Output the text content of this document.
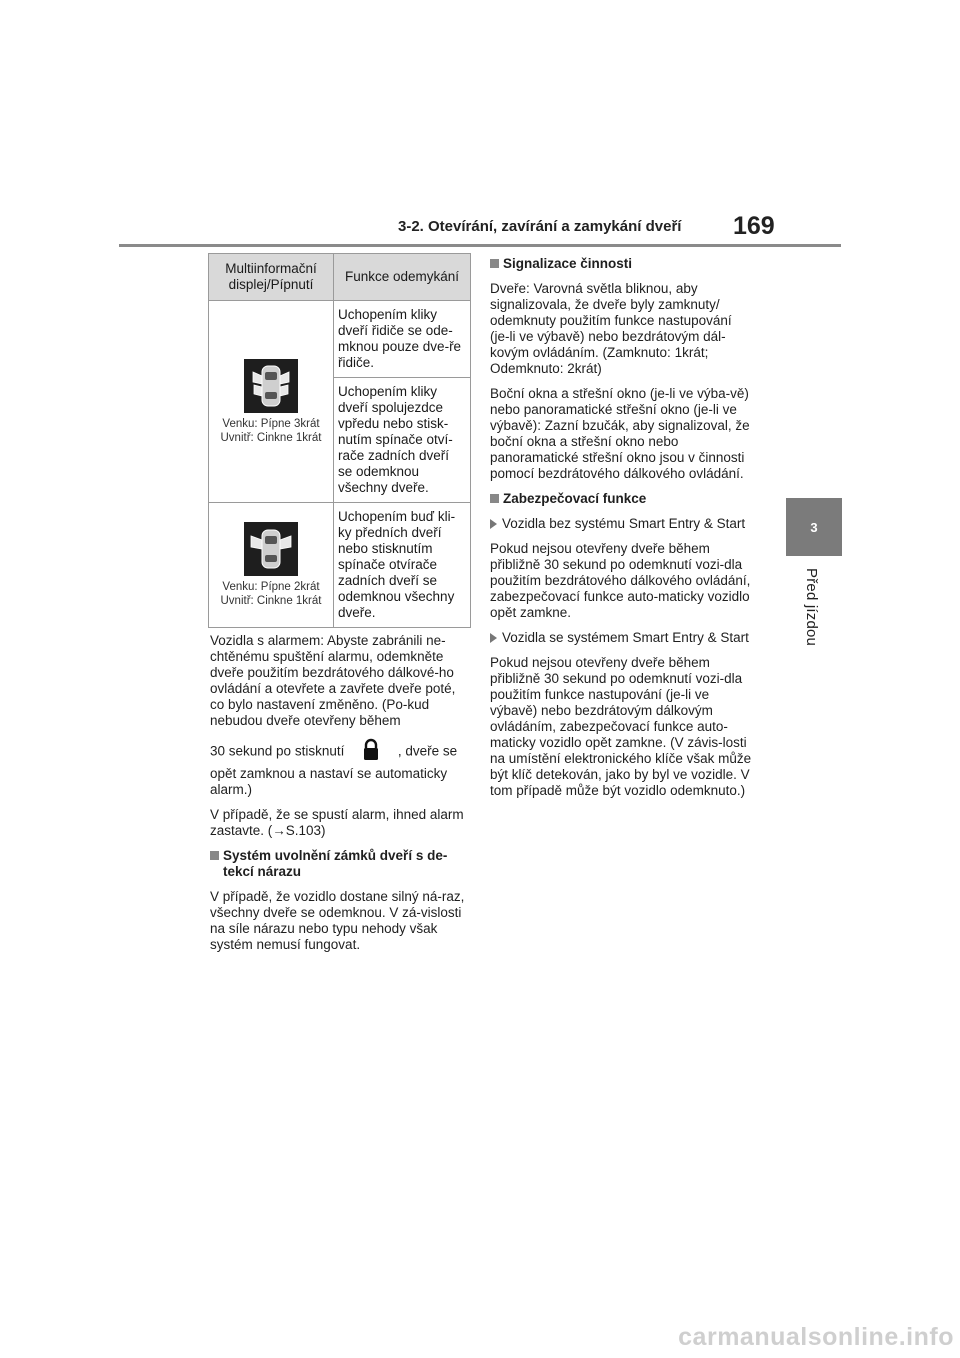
3-2. Otevírání, zavírání a zamykání dveří 169
3
Před jízdou
Multiinformační displej/Pípnutí	Funkce odemykání

Venku: Pípne 3krát
Uvnitř: Cinkne 1krát	Uchopením kliky dveří řidiče se ode-mknou pouze dve-ře řidiče.
	Uchopením kliky dveří spolujezdce vpředu nebo stisk-nutím spínače otví-rače zadních dveří se odemknou všechny dveře.

Venku: Pípne 2krát
Uvnitř: Cinkne 1krát	Uchopením buď kli-ky předních dveří nebo stisknutím spínače otvírače zadních dveří se odemknou všechny dveře.

Vozidla s alarmem: Abyste zabránili ne-chtěnému spuštění alarmu, odemkněte dveře použitím bezdrátového dálkové-ho ovládání a otevřete a zavřete dveře poté, co bylo nastavení změněno. (Po-kud nebudou dveře otevřeny během

30 sekund po stisknutí	, dveře se opět zamknou a nastaví se automaticky alarm.)

V případě, že se spustí alarm, ihned alarm zastavte. (→S.103)

Systém uvolnění zámků dveří s de-tekcí nárazu

V případě, že vozidlo dostane silný ná-raz, všechny dveře se odemknou. V zá-vislosti na síle nárazu nebo typu nehody však systém nemusí fungovat.

Signalizace činnosti

Dveře: Varovná světla bliknou, aby signalizovala, že dveře byly zamknuty/ odemknuty použitím funkce nastupování (je-li ve výbavě) nebo bezdrátovým dál-kovým ovládáním. (Zamknuto: 1krát; Odemknuto: 2krát)

Boční okna a střešní okno (je-li ve výba-vě) nebo panoramatické střešní okno (je-li ve výbavě): Zazní bzučák, aby signalizoval, že boční okna a střešní okno nebo panoramatické střešní okno jsou v činnosti pomocí bezdrátového dálkového ovládání.

Zabezpečovací funkce
Vozidla bez systému Smart Entry & Start

Pokud nejsou otevřeny dveře během přibližně 30 sekund po odemknutí vozi-dla použitím bezdrátového dálkového ovládání, zabezpečovací funkce auto-maticky vozidlo opět zamkne.

Vozidla se systémem Smart Entry & Start

Pokud nejsou otevřeny dveře během přibližně 30 sekund po odemknutí vozi-dla použitím funkce nastupování (je-li ve výbavě) nebo bezdrátovým dálkovým ovládáním, zabezpečovací funkce auto-maticky vozidlo opět zamkne. (V závis-losti na umístění elektronického klíče však může být klíč detekován, jako by byl ve vozidle. V tom případě může být vozidlo odemknuto.)

carmanualsonline.info
